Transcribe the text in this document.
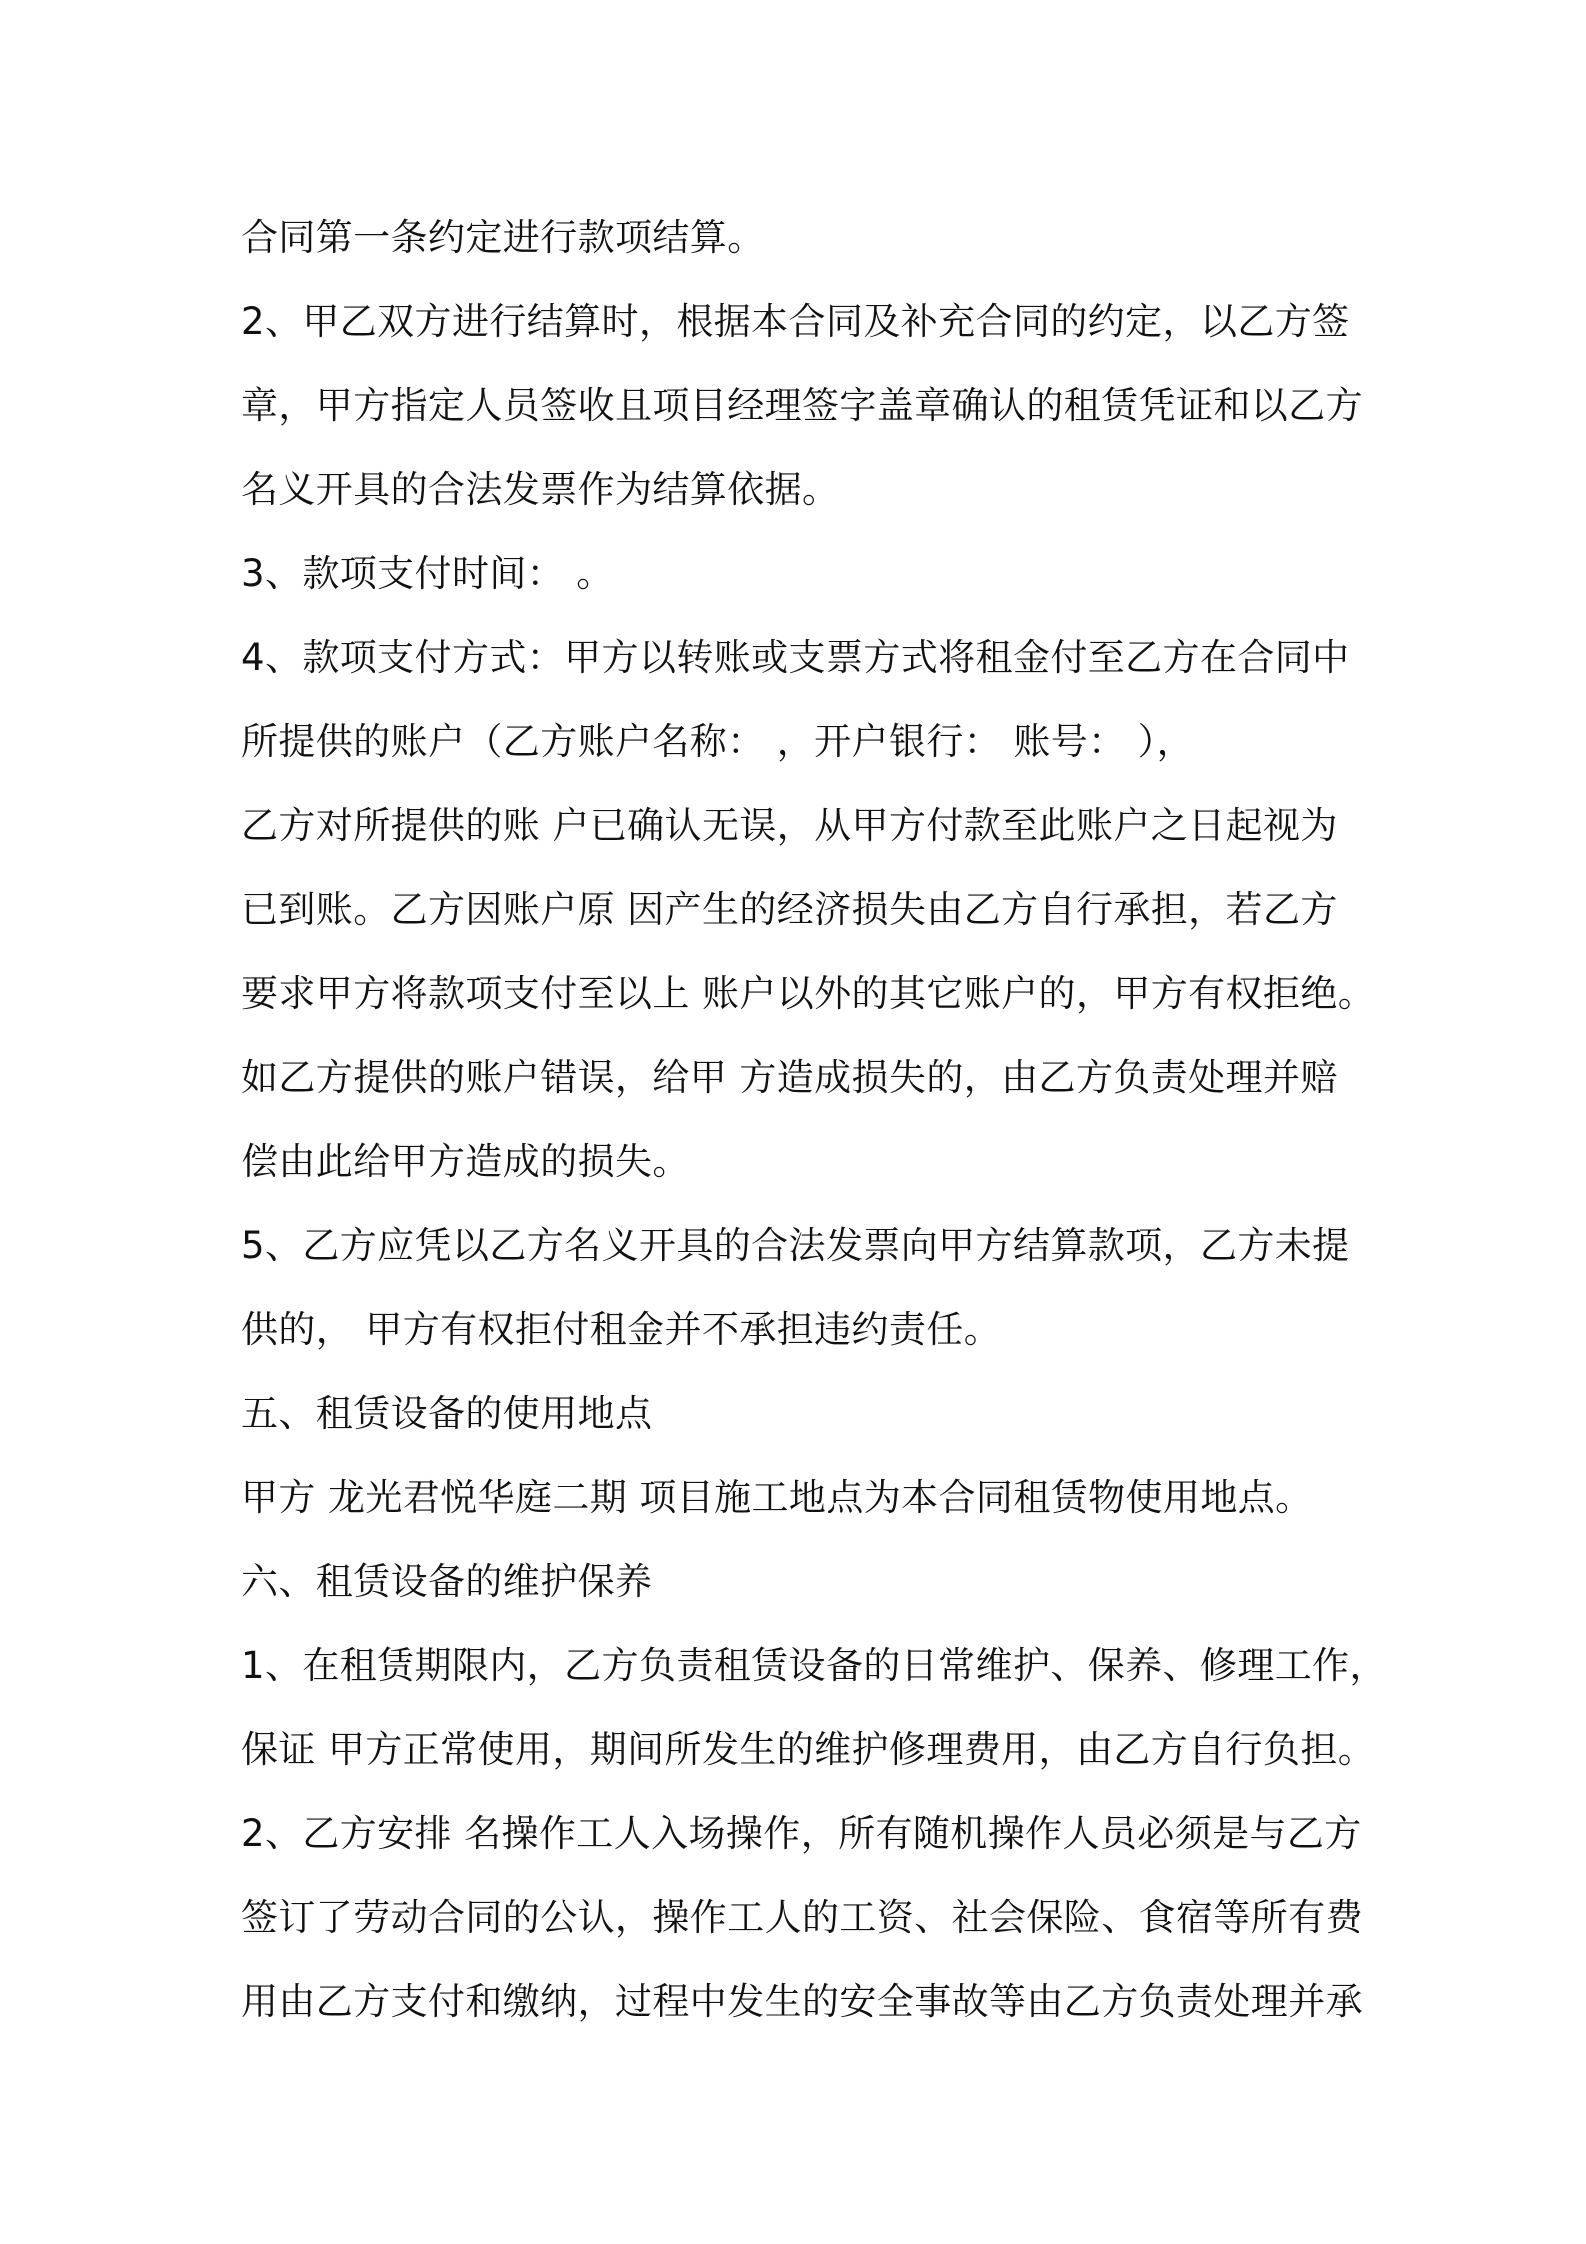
合同第一条约定进行款项结算。
2、甲乙双方进行结算时，根据本合同及补充合同的约定，以乙方签
章，甲方指定人员签收且项目经理签字盖章确认的租赁凭证和以乙方
名义开具的合法发票作为结算依据。
3、款项支付时间： 。
4、款项支付方式：甲方以转账或支票方式将租金付至乙方在合同中
所提供的账户（乙方账户名称： ，开户银行： 账号： ），
乙方对所提供的账 户已确认无误，从甲方付款至此账户之日起视为
已到账。乙方因账户原 因产生的经济损失由乙方自行承担，若乙方
要求甲方将款项支付至以上 账户以外的其它账户的，甲方有权拒绝。
如乙方提供的账户错误，给甲 方造成损失的，由乙方负责处理并赔
偿由此给甲方造成的损失。
5、乙方应凭以乙方名义开具的合法发票向甲方结算款项，乙方未提
供的， 甲方有权拒付租金并不承担违约责任。
五、租赁设备的使用地点
甲方 龙光君悦华庭二期 项目施工地点为本合同租赁物使用地点。
六、租赁设备的维护保养
1、在租赁期限内，乙方负责租赁设备的日常维护、保养、修理工作，
保证 甲方正常使用，期间所发生的维护修理费用，由乙方自行负担。
2、乙方安排 名操作工人入场操作，所有随机操作人员必须是与乙方
签订了劳动合同的公认，操作工人的工资、社会保险、食宿等所有费
用由乙方支付和缴纳，过程中发生的安全事故等由乙方负责处理并承
